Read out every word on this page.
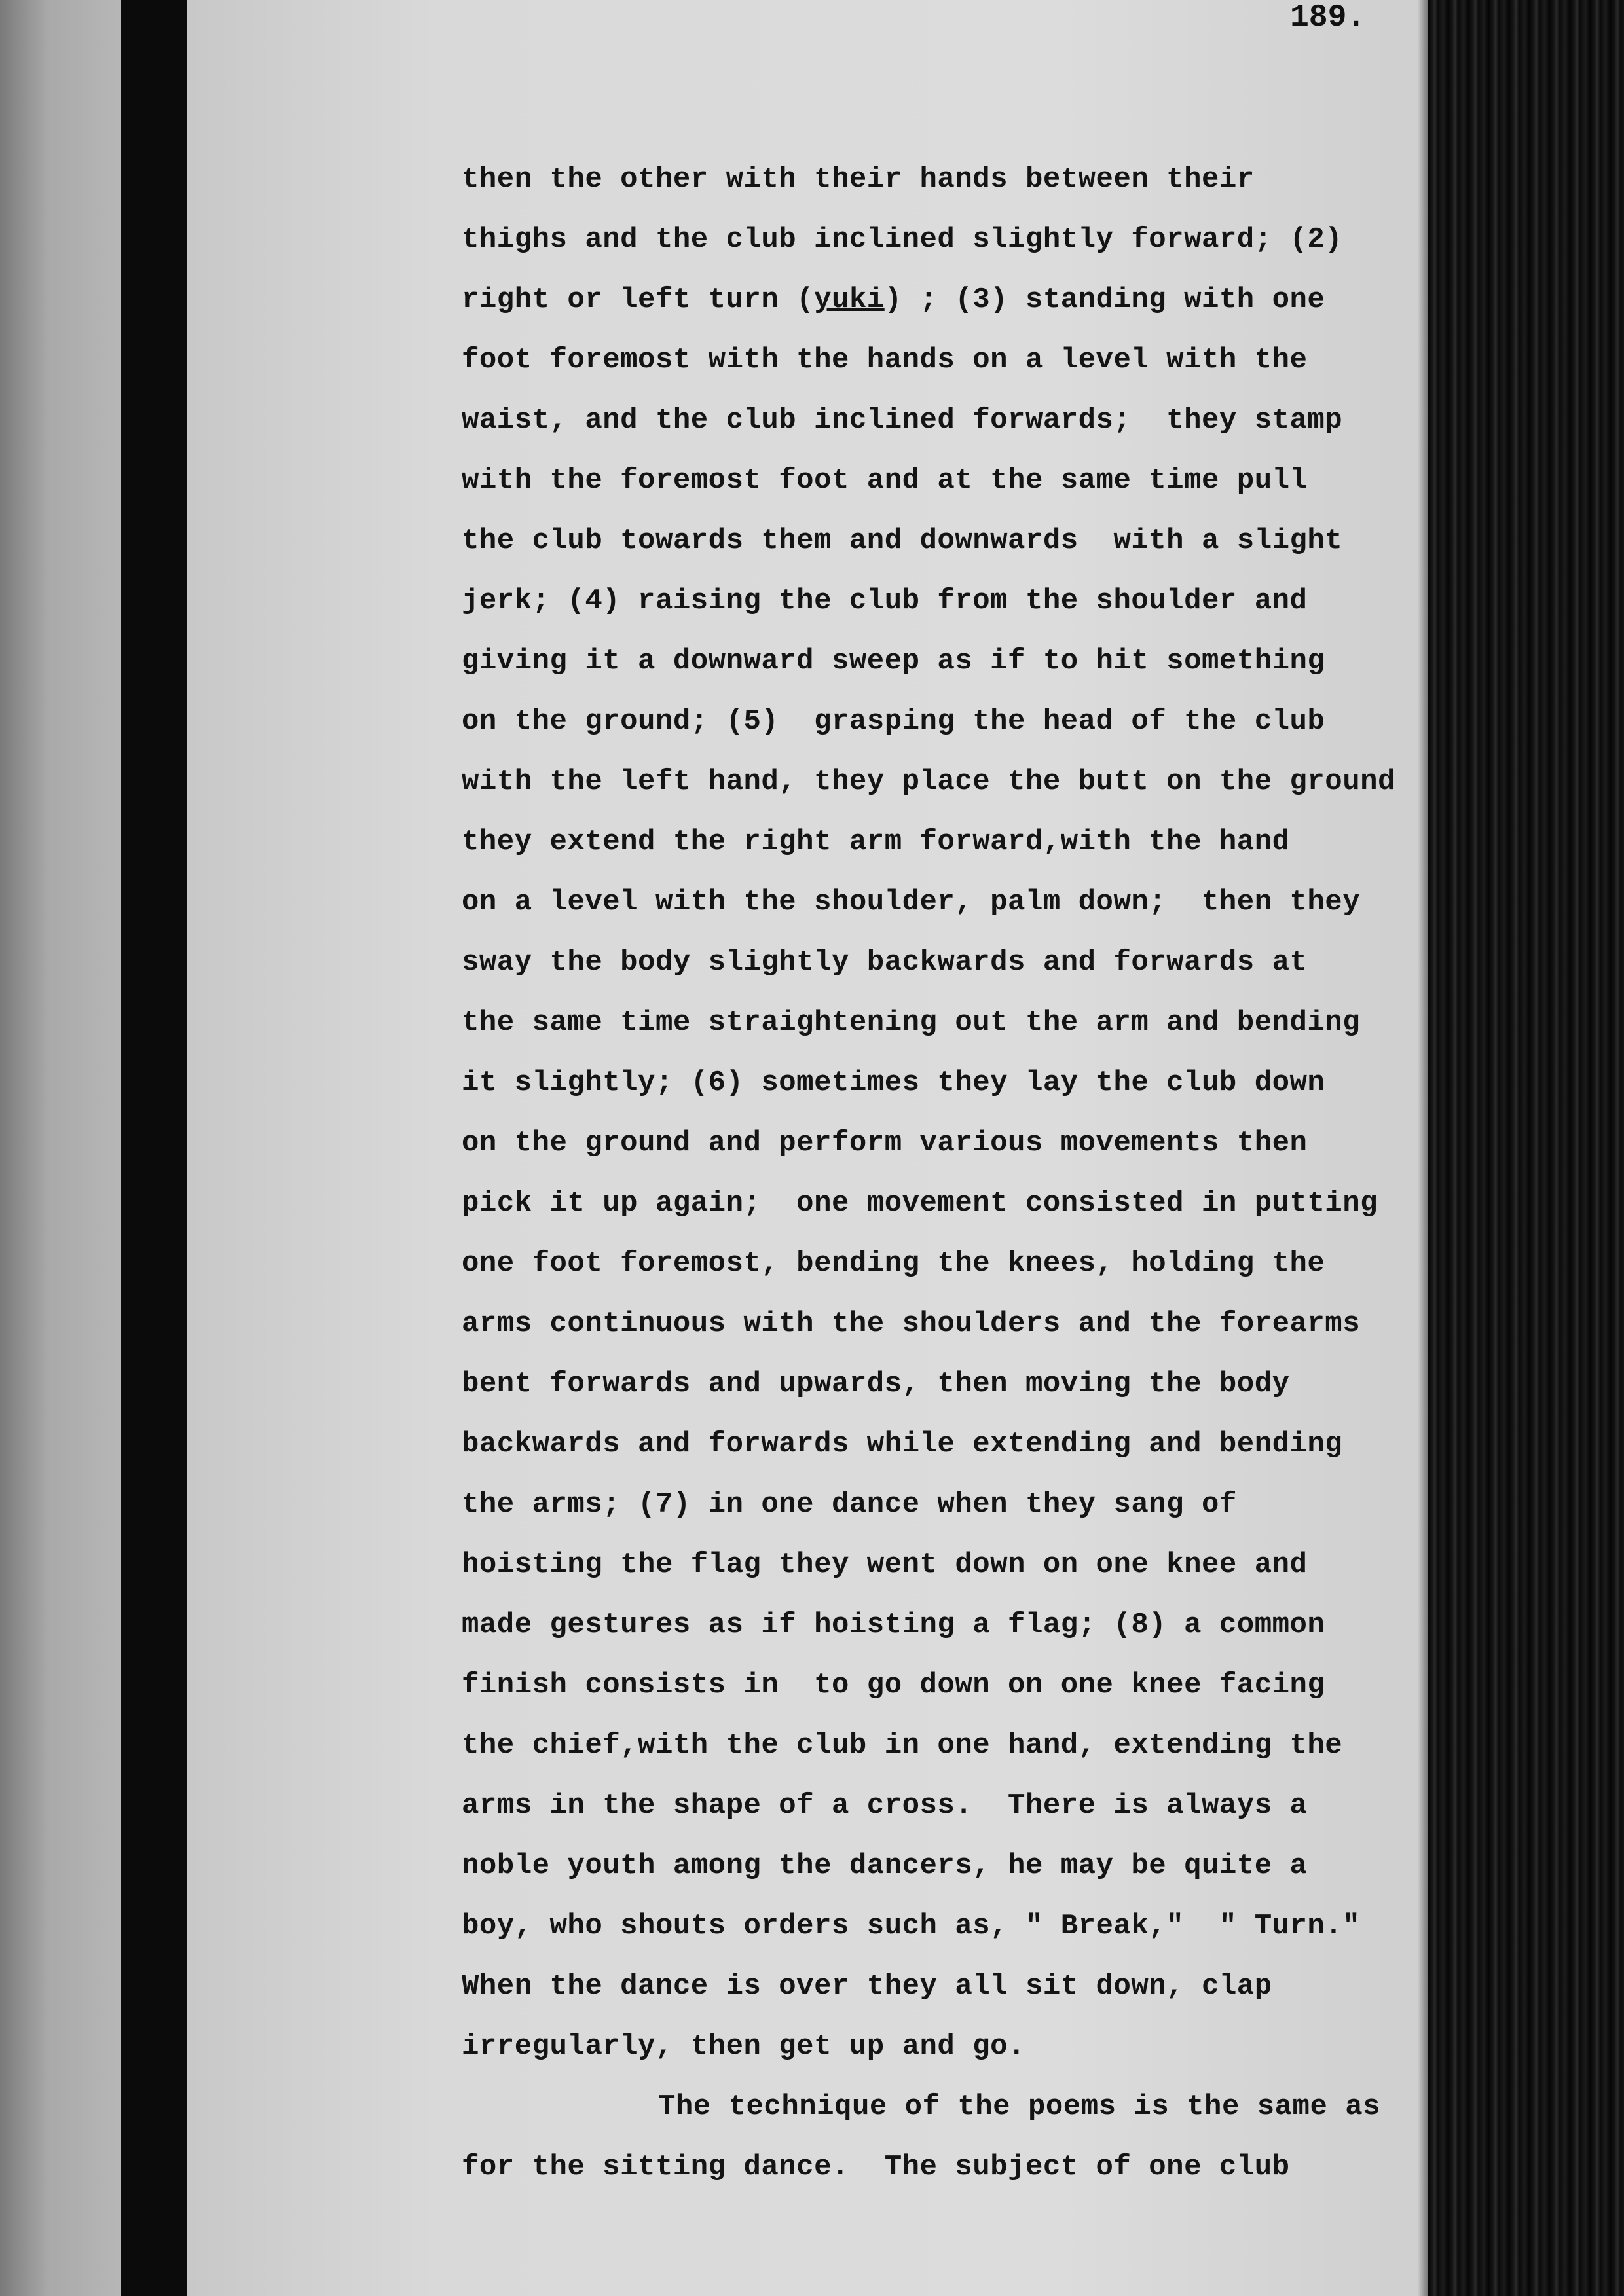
189.

then the other with their hands between their

thighs and the club inclined slightly forward; (2)

right or left turn (yuki) ; (3) standing with one

foot foremost with the hands on a level with the

waist, and the club inclined forwards;  they stamp

with the foremost foot and at the same time pull

the club towards them and downwards  with a slight

jerk; (4) raising the club from the shoulder and

giving it a downward sweep as if to hit something

on the ground; (5)  grasping the head of the club

with the left hand, they place the butt on the ground

they extend the right arm forward,with the hand

on a level with the shoulder, palm down;  then they

sway the body slightly backwards and forwards at

the same time straightening out the arm and bending

it slightly; (6) sometimes they lay the club down

on the ground and perform various movements then

pick it up again;  one movement consisted in putting

one foot foremost, bending the knees, holding the

arms continuous with the shoulders and the forearms

bent forwards and upwards, then moving the body

backwards and forwards while extending and bending

the arms; (7) in one dance when they sang of

hoisting the flag they went down on one knee and

made gestures as if hoisting a flag; (8) a common

finish consists in  to go down on one knee facing

the chief,with the club in one hand, extending the

arms in the shape of a cross.  There is always a

noble youth among the dancers, he may be quite a

boy, who shouts orders such as, " Break,"  " Turn."

When the dance is over they all sit down, clap

irregularly, then get up and go.

The technique of the poems is the same as

for the sitting dance.  The subject of one club
